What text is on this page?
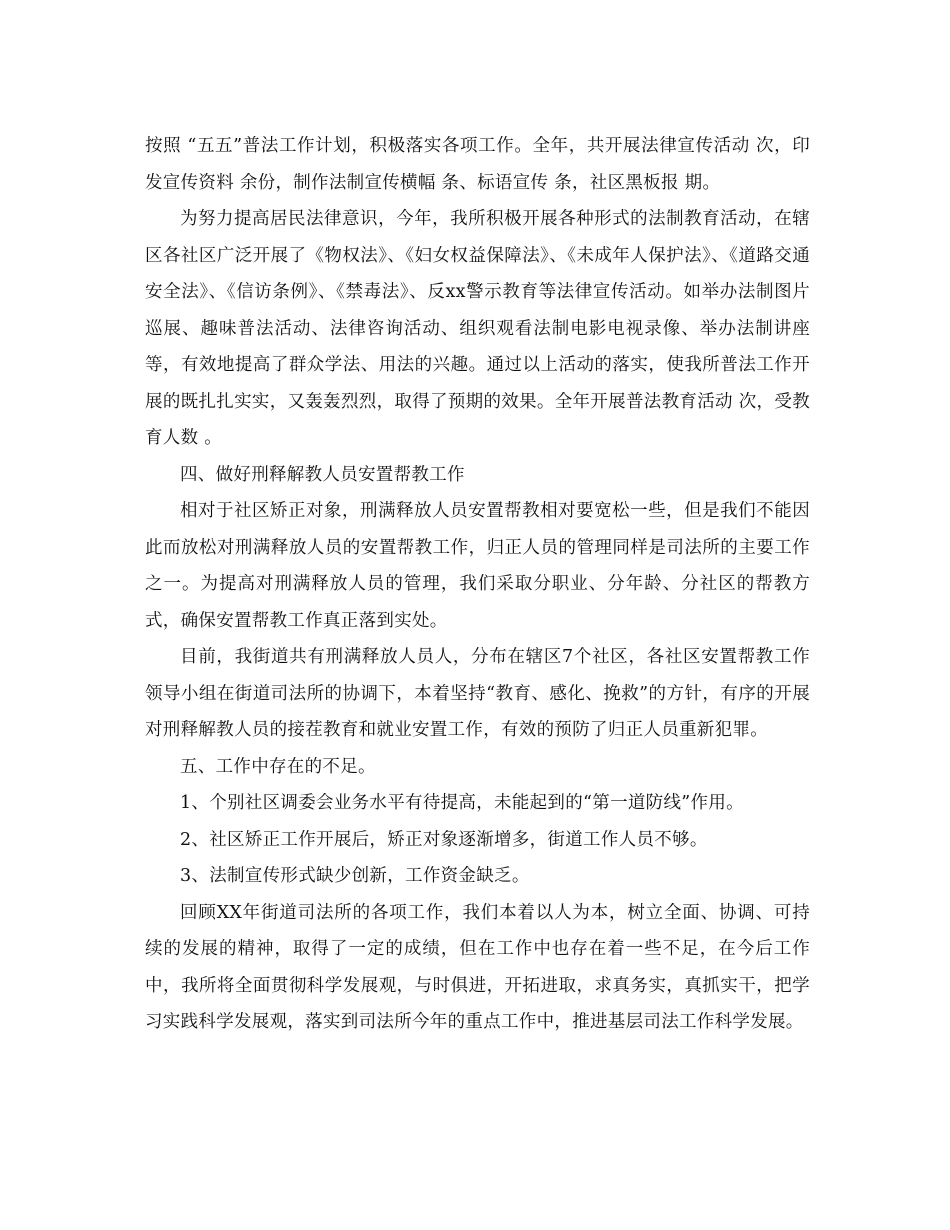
按照 “五五”普法工作计划，积极落实各项工作。全年，共开展法律宣传活动 次，印发宣传资料 余份，制作法制宣传横幅 条、标语宣传 条，社区黑板报 期。

为努力提高居民法律意识，今年，我所积极开展各种形式的法制教育活动，在辖区各社区广泛开展了《物权法》、《妇女权益保障法》、《未成年人保护法》、《道路交通安全法》、《信访条例》、《禁毒法》、反xx警示教育等法律宣传活动。如举办法制图片巡展、趣味普法活动、法律咨询活动、组织观看法制电影电视录像、举办法制讲座等，有效地提高了群众学法、用法的兴趣。通过以上活动的落实，使我所普法工作开展的既扎扎实实，又轰轰烈烈，取得了预期的效果。全年开展普法教育活动 次，受教育人数 。

四、做好刑释解教人员安置帮教工作

相对于社区矫正对象，刑满释放人员安置帮教相对要宽松一些，但是我们不能因此而放松对刑满释放人员的安置帮教工作，归正人员的管理同样是司法所的主要工作之一。为提高对刑满释放人员的管理，我们采取分职业、分年龄、分社区的帮教方式，确保安置帮教工作真正落到实处。

目前，我街道共有刑满释放人员人，分布在辖区7个社区，各社区安置帮教工作领导小组在街道司法所的协调下，本着坚持“教育、感化、挽救”的方针，有序的开展对刑释解教人员的接茬教育和就业安置工作，有效的预防了归正人员重新犯罪。

五、工作中存在的不足。

1、个别社区调委会业务水平有待提高，未能起到的“第一道防线”作用。

2、社区矫正工作开展后，矫正对象逐渐增多，街道工作人员不够。

3、法制宣传形式缺少创新，工作资金缺乏。

回顾XX年街道司法所的各项工作，我们本着以人为本，树立全面、协调、可持续的发展的精神，取得了一定的成绩，但在工作中也存在着一些不足，在今后工作中，我所将全面贯彻科学发展观，与时俱进，开拓进取，求真务实，真抓实干，把学习实践科学发展观，落实到司法所今年的重点工作中，推进基层司法工作科学发展。
